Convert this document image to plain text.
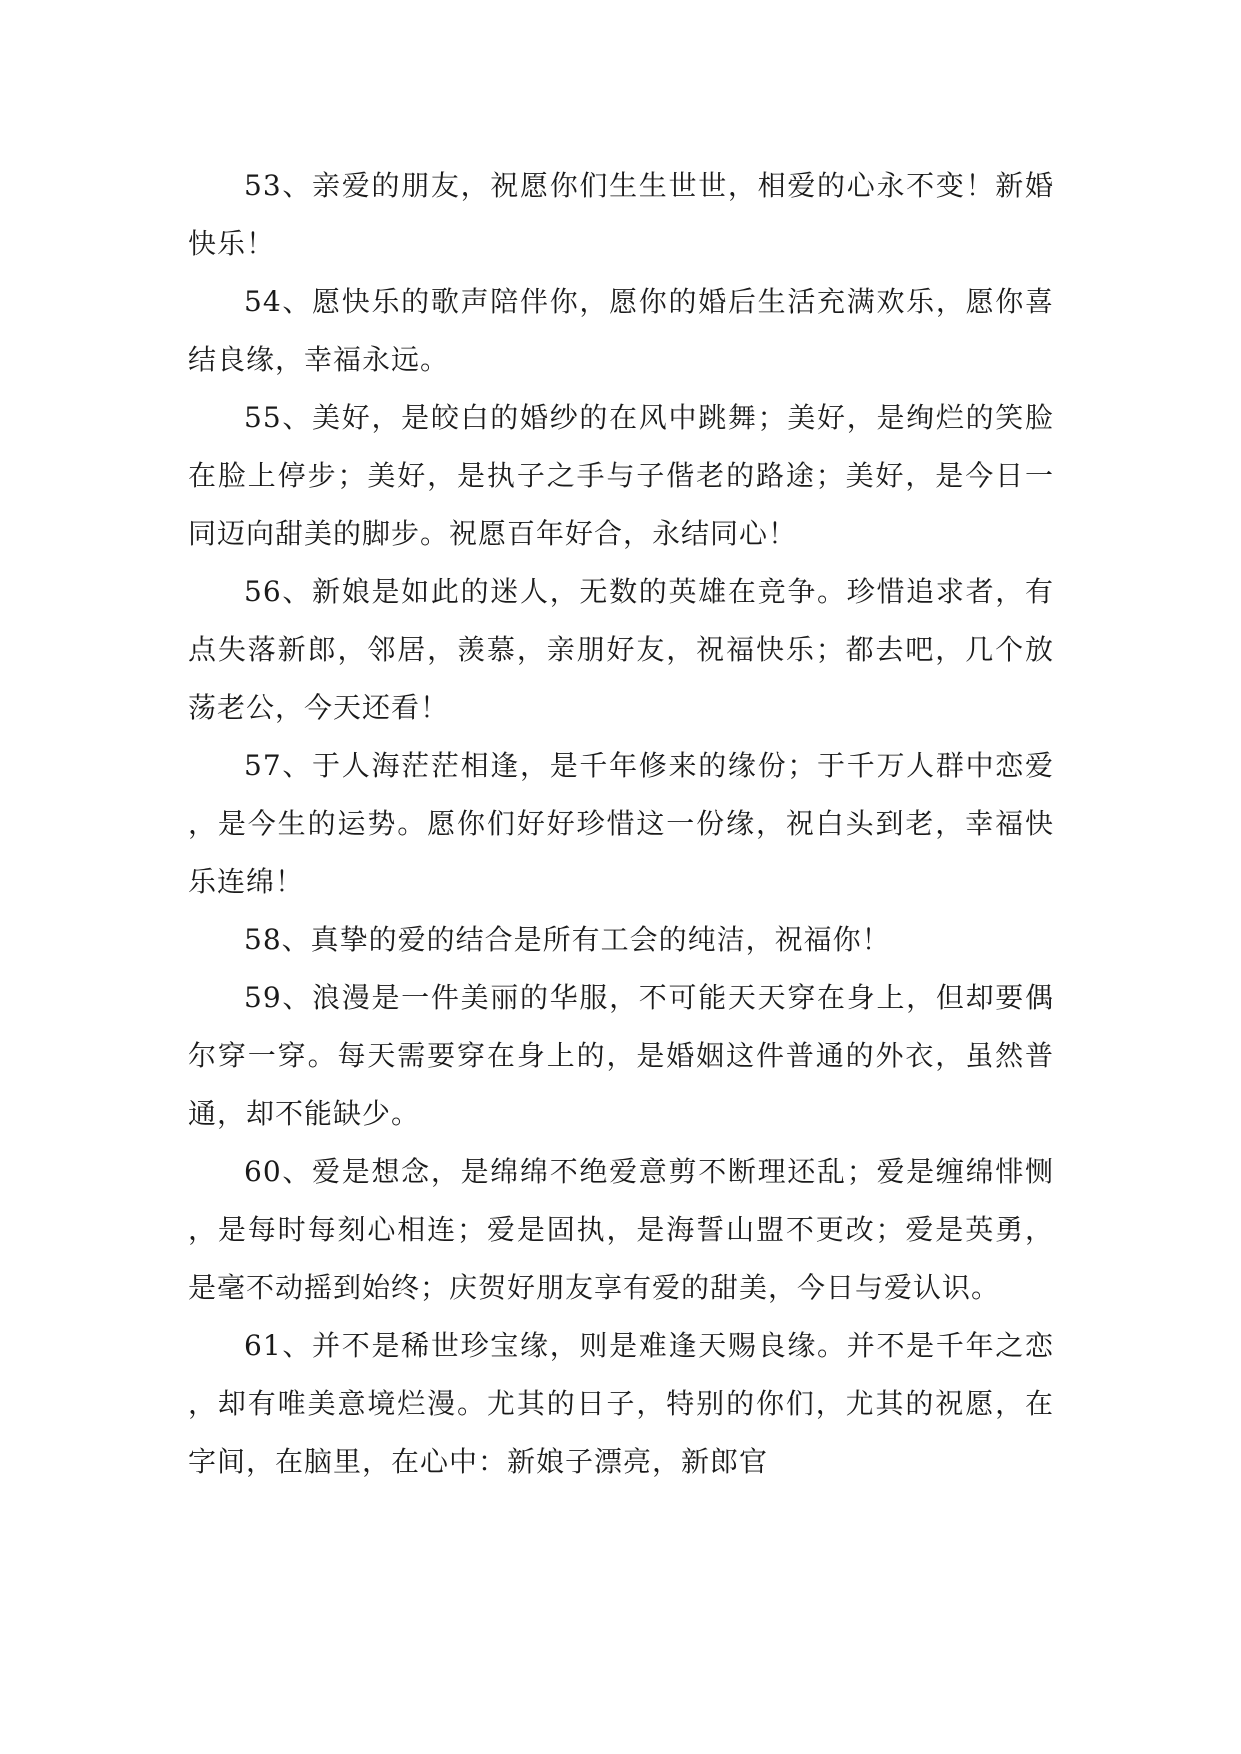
53、亲爱的朋友，祝愿你们生生世世，相爱的心永不变！新婚快乐！

54、愿快乐的歌声陪伴你，愿你的婚后生活充满欢乐，愿你喜结良缘，幸福永远。

55、美好，是皎白的婚纱的在风中跳舞；美好，是绚烂的笑脸在脸上停步；美好，是执子之手与子偕老的路途；美好，是今日一同迈向甜美的脚步。祝愿百年好合，永结同心！

56、新娘是如此的迷人，无数的英雄在竞争。珍惜追求者，有点失落新郎，邻居，羡慕，亲朋好友，祝福快乐；都去吧，几个放荡老公，今天还看！

57、于人海茫茫相逢，是千年修来的缘份；于千万人群中恋爱，是今生的运势。愿你们好好珍惜这一份缘，祝白头到老，幸福快乐连绵！

58、真挚的爱的结合是所有工会的纯洁，祝福你！

59、浪漫是一件美丽的华服，不可能天天穿在身上，但却要偶尔穿一穿。每天需要穿在身上的，是婚姻这件普通的外衣，虽然普通，却不能缺少。

60、爱是想念，是绵绵不绝爱意剪不断理还乱；爱是缠绵悱恻，是每时每刻心相连；爱是固执，是海誓山盟不更改；爱是英勇，是毫不动摇到始终；庆贺好朋友享有爱的甜美，今日与爱认识。

61、并不是稀世珍宝缘，则是难逢天赐良缘。并不是千年之恋，却有唯美意境烂漫。尤其的日子，特别的你们，尤其的祝愿，在字间，在脑里，在心中：新娘子漂亮，新郎官
